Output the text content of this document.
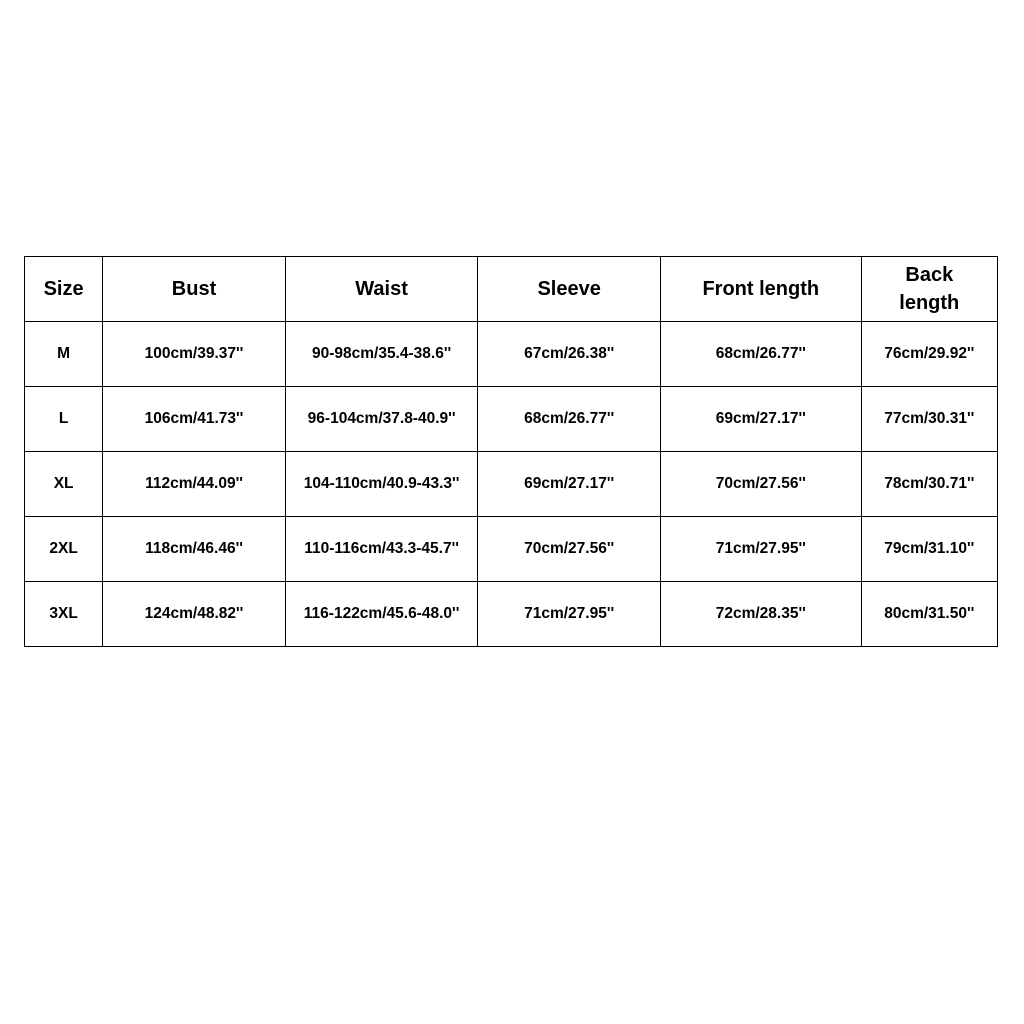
Size	Bust	Waist	Sleeve	Front length	Back
length
M	100cm/39.37''	90-98cm/35.4-38.6''	67cm/26.38''	68cm/26.77''	76cm/29.92''
L	106cm/41.73''	96-104cm/37.8-40.9''	68cm/26.77''	69cm/27.17''	77cm/30.31''
XL	112cm/44.09''	104-110cm/40.9-43.3''	69cm/27.17''	70cm/27.56''	78cm/30.71''
2XL	118cm/46.46''	110-116cm/43.3-45.7''	70cm/27.56''	71cm/27.95''	79cm/31.10''
3XL	124cm/48.82''	116-122cm/45.6-48.0''	71cm/27.95''	72cm/28.35''	80cm/31.50''
